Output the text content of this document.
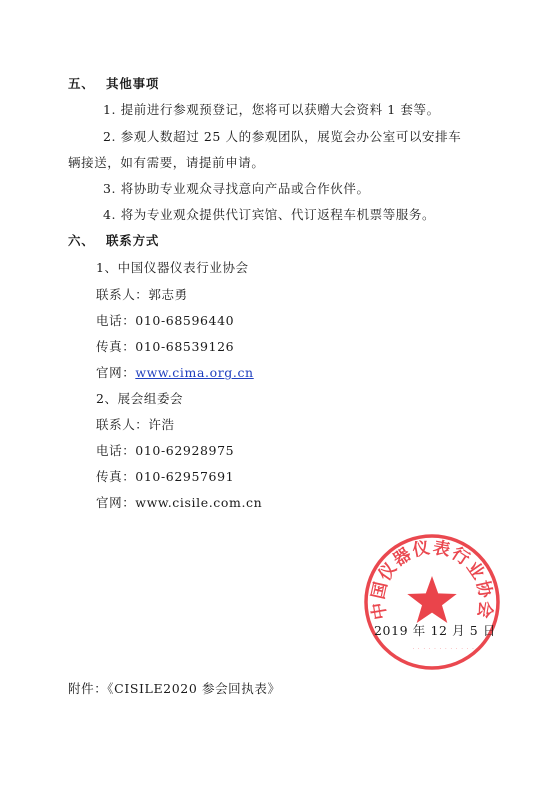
五、 其他事项
1. 提前进行参观预登记，您将可以获赠大会资料 1 套等。
2. 参观人数超过 25 人的参观团队，展览会办公室可以安排车
辆接送，如有需要，请提前申请。
3. 将协助专业观众寻找意向产品或合作伙伴。
4. 将为专业观众提供代订宾馆、代订返程车机票等服务。
六、 联系方式
1、中国仪器仪表行业协会
联系人：郭志勇
电话：010-68596440
传真：010-68539126
官网：www.cima.org.cn
2、展会组委会
联系人：许浩
电话：010-62928975
传真：010-62957691
官网：www.cisile.com.cn
中国仪器仪表行业协会
· · · · · · · · · · · ·
2019 年 12 月 5 日
附件：《CISILE2020 参会回执表》
